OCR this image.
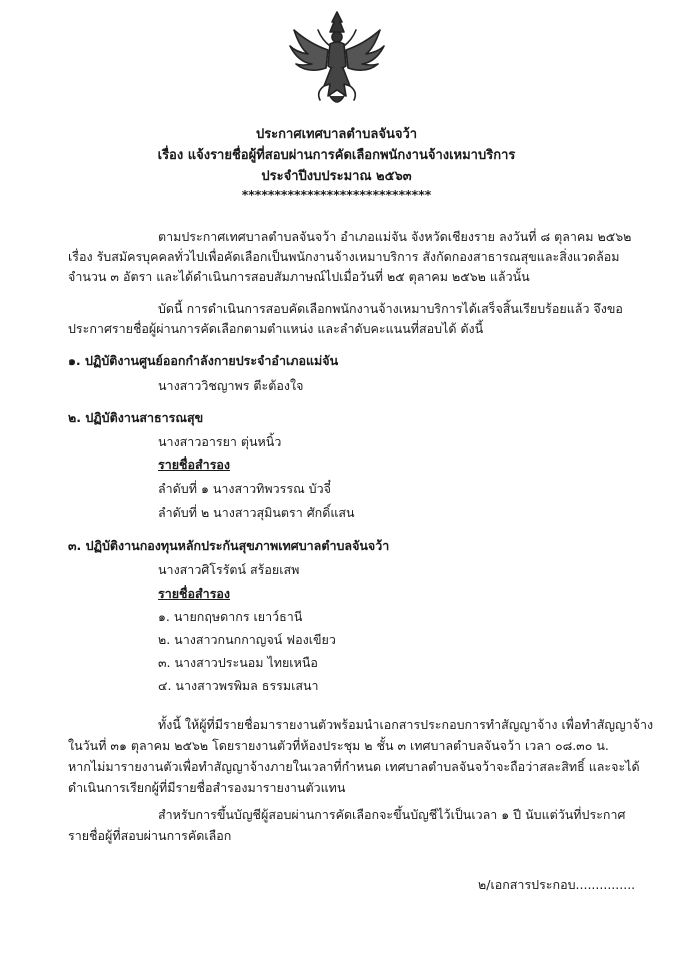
ประกาศเทศบาลตำบลจันจว้า
เรื่อง แจ้งรายชื่อผู้ที่สอบผ่านการคัดเลือกพนักงานจ้างเหมาบริการ
ประจำปีงบประมาณ ๒๕๖๓
*****************************
ตามประกาศเทศบาลตำบลจันจว้า อำเภอแม่จัน จังหวัดเชียงราย ลงวันที่ ๘ ตุลาคม ๒๕๖๒
เรื่อง รับสมัครบุคคลทั่วไปเพื่อคัดเลือกเป็นพนักงานจ้างเหมาบริการ สังกัดกองสาธารณสุขและสิ่งแวดล้อม
จำนวน ๓ อัตรา และได้ดำเนินการสอบสัมภาษณ์ไปเมื่อวันที่ ๒๕ ตุลาคม ๒๕๖๒ แล้วนั้น
บัดนี้ การดำเนินการสอบคัดเลือกพนักงานจ้างเหมาบริการได้เสร็จสิ้นเรียบร้อยแล้ว จึงขอ
ประกาศรายชื่อผู้ผ่านการคัดเลือกตามตำแหน่ง และลำดับคะแนนที่สอบได้ ดังนี้
๑. ปฏิบัติงานศูนย์ออกกำลังกายประจำอำเภอแม่จัน
นางสาววิชญาพร ตีะต้องใจ
๒. ปฏิบัติงานสาธารณสุข
นางสาวอารยา ตุ่นหนิ้ว
รายชื่อสำรอง
ลำดับที่ ๑ นางสาวทิพวรรณ บัวจี๋
ลำดับที่ ๒ นางสาวสุมินตรา ศักดิ์แสน
๓. ปฏิบัติงานกองทุนหลักประกันสุขภาพเทศบาลตำบลจันจว้า
นางสาวศิโรรัตน์ สร้อยเสพ
รายชื่อสำรอง
๑. นายกฤษดากร เยาว์ธานี
๒. นางสาวกนกกาญจน์ ฟองเขียว
๓. นางสาวประนอม ไทยเหนือ
๔. นางสาวพรพิมล ธรรมเสนา
ทั้งนี้ ให้ผู้ที่มีรายชื่อมารายงานตัวพร้อมนำเอกสารประกอบการทำสัญญาจ้าง เพื่อทำสัญญาจ้าง
ในวันที่ ๓๑ ตุลาคม ๒๕๖๒ โดยรายงานตัวที่ห้องประชุม ๒ ชั้น ๓ เทศบาลตำบลจันจว้า เวลา ๐๘.๓๐ น.
หากไม่มารายงานตัวเพื่อทำสัญญาจ้างภายในเวลาที่กำหนด เทศบาลตำบลจันจว้าจะถือว่าสละสิทธิ์ และจะได้
ดำเนินการเรียกผู้ที่มีรายชื่อสำรองมารายงานตัวแทน
สำหรับการขึ้นบัญชีผู้สอบผ่านการคัดเลือกจะขึ้นบัญชีไว้เป็นเวลา ๑ ปี นับแต่วันที่ประกาศ
รายชื่อผู้ที่สอบผ่านการคัดเลือก
๒/เอกสารประกอบ...............
